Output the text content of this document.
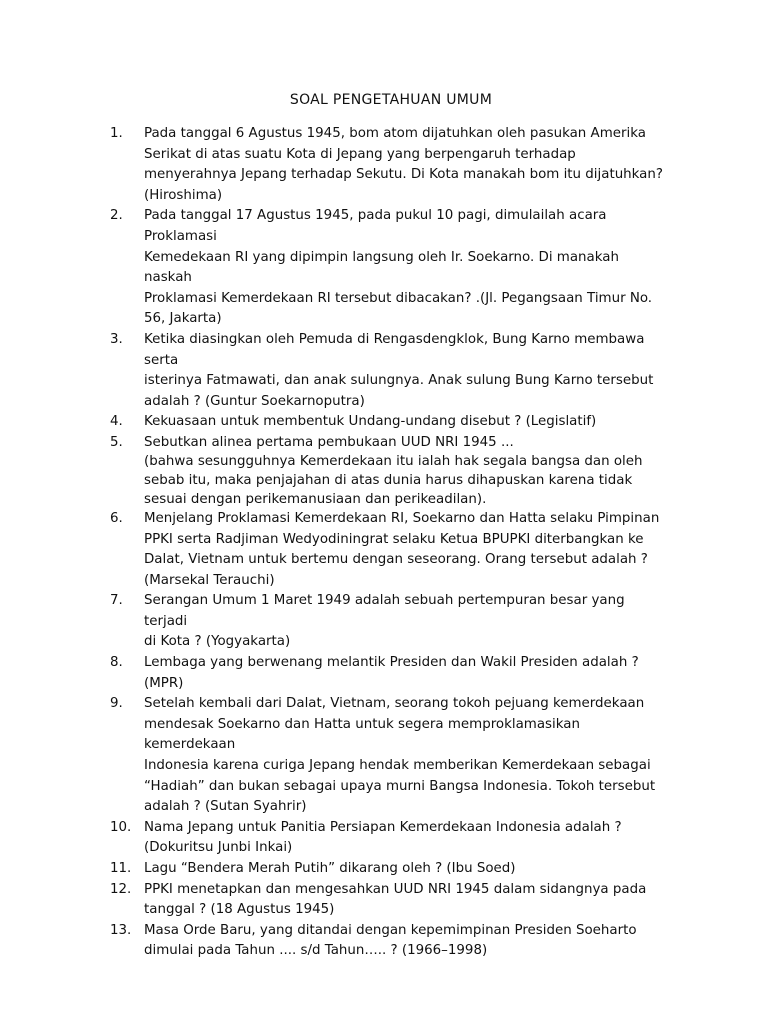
SOAL PENGETAHUAN UMUM
1.	Pada tanggal 6 Agustus 1945, bom atom dijatuhkan oleh pasukan Amerika
Serikat di atas suatu Kota di Jepang yang berpengaruh terhadap
menyerahnya Jepang terhadap Sekutu. Di Kota manakah bom itu dijatuhkan?
(Hiroshima)
2.	Pada tanggal 17 Agustus 1945, pada pukul 10 pagi, dimulailah acara Proklamasi
Kemedekaan RI yang dipimpin langsung oleh Ir. Soekarno. Di manakah naskah
Proklamasi Kemerdekaan RI tersebut dibacakan? .(Jl. Pegangsaan Timur No.
56, Jakarta)
3.	Ketika diasingkan oleh Pemuda di Rengasdengklok, Bung Karno membawa serta
isterinya Fatmawati, dan anak sulungnya. Anak sulung Bung Karno tersebut
adalah ? (Guntur Soekarnoputra)
4.	Kekuasaan untuk membentuk Undang-undang disebut ? (Legislatif)
5.	Sebutkan alinea pertama pembukaan UUD NRI 1945 ...
(bahwa sesungguhnya Kemerdekaan itu ialah hak segala bangsa dan oleh
sebab itu, maka penjajahan di atas dunia harus dihapuskan karena tidak
sesuai dengan perikemanusiaan dan perikeadilan).
6.	Menjelang Proklamasi Kemerdekaan RI, Soekarno dan Hatta selaku Pimpinan
PPKI serta Radjiman Wedyodiningrat selaku Ketua BPUPKI diterbangkan ke
Dalat, Vietnam untuk bertemu dengan seseorang. Orang tersebut adalah ?
(Marsekal Terauchi)
7.	Serangan Umum 1 Maret 1949 adalah sebuah pertempuran besar yang terjadi
di Kota ? (Yogyakarta)
8.	Lembaga yang berwenang melantik Presiden dan Wakil Presiden adalah ?
(MPR)
9.	Setelah kembali dari Dalat, Vietnam, seorang tokoh pejuang kemerdekaan
mendesak Soekarno dan Hatta untuk segera memproklamasikan kemerdekaan
Indonesia karena curiga Jepang hendak memberikan Kemerdekaan sebagai
“Hadiah” dan bukan sebagai upaya murni Bangsa Indonesia. Tokoh tersebut
adalah ? (Sutan Syahrir)
10. Nama Jepang untuk Panitia Persiapan Kemerdekaan Indonesia adalah ?
(Dokuritsu Junbi Inkai)
11. Lagu “Bendera Merah Putih” dikarang oleh ? (Ibu Soed)
12. PPKI menetapkan dan mengesahkan UUD NRI 1945 dalam sidangnya pada
tanggal ? (18 Agustus 1945)
13. Masa Orde Baru, yang ditandai dengan kepemimpinan Presiden Soeharto
dimulai pada Tahun .... s/d Tahun….. ? (1966–1998)
